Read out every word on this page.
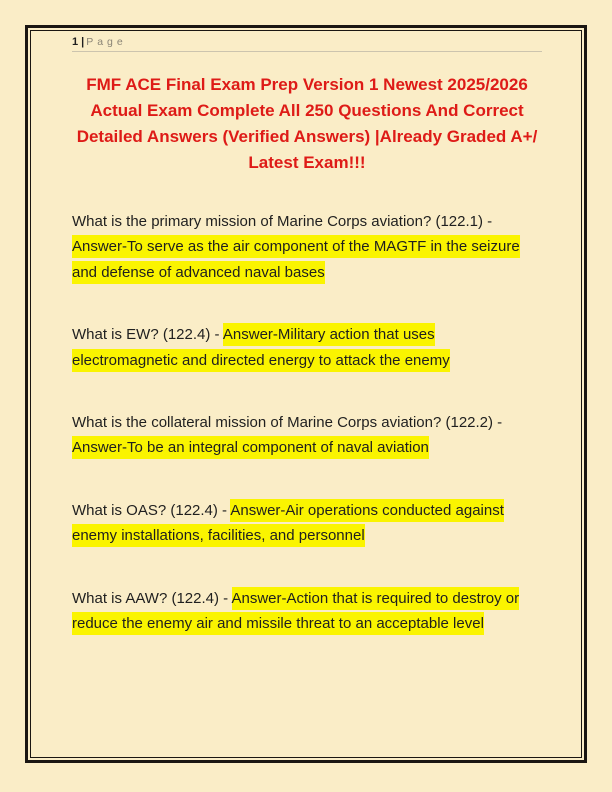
1 | Page
FMF ACE Final Exam Prep Version 1 Newest 2025/2026 Actual Exam Complete All 250 Questions And Correct Detailed Answers (Verified Answers) |Already Graded A+/ Latest Exam!!!

What is the primary mission of Marine Corps aviation? (122.1) - Answer-To serve as the air component of the MAGTF in the seizure and defense of advanced naval bases

What is EW? (122.4) - Answer-Military action that uses electromagnetic and directed energy to attack the enemy

What is the collateral mission of Marine Corps aviation? (122.2) - Answer-To be an integral component of naval aviation

What is OAS? (122.4) - Answer-Air operations conducted against enemy installations, facilities, and personnel

What is AAW? (122.4) - Answer-Action that is required to destroy or reduce the enemy air and missile threat to an acceptable level
